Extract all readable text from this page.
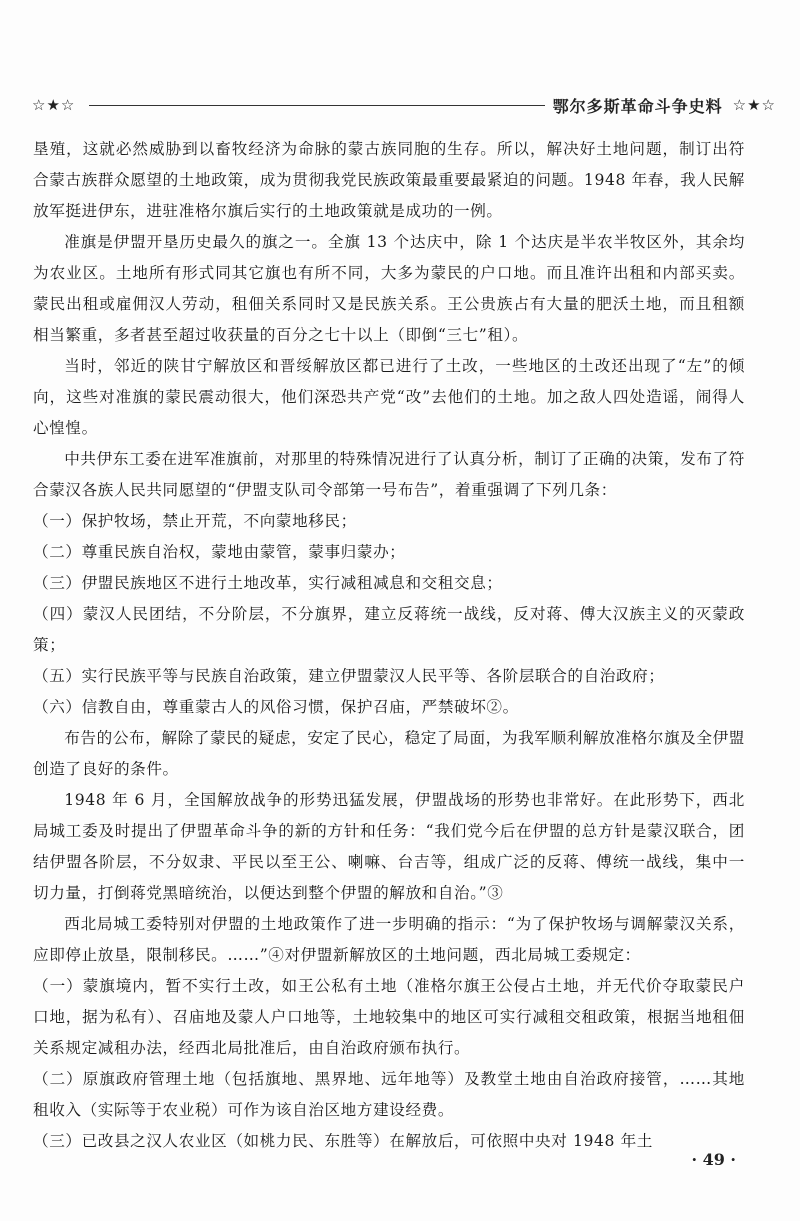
☆★☆	鄂尔多斯革命斗争史料 ☆★☆

垦殖，这就必然威胁到以畜牧经济为命脉的蒙古族同胞的生存。所以，解决好土地问题，制订出符合蒙古族群众愿望的土地政策，成为贯彻我党民族政策最重要最紧迫的问题。1948 年春，我人民解放军挺进伊东，进驻准格尔旗后实行的土地政策就是成功的一例。

准旗是伊盟开垦历史最久的旗之一。全旗 13 个达庆中，除 1 个达庆是半农半牧区外，其余均为农业区。土地所有形式同其它旗也有所不同，大多为蒙民的户口地。而且准许出租和内部买卖。蒙民出租或雇佣汉人劳动，租佃关系同时又是民族关系。王公贵族占有大量的肥沃土地，而且租额相当繁重，多者甚至超过收获量的百分之七十以上（即倒“三七”租）。

当时，邻近的陕甘宁解放区和晋绥解放区都已进行了土改，一些地区的土改还出现了“左”的倾向，这些对准旗的蒙民震动很大，他们深恐共产党“改”去他们的土地。加之敌人四处造谣，闹得人心惶惶。

中共伊东工委在进军准旗前，对那里的特殊情况进行了认真分析，制订了正确的决策，发布了符合蒙汉各族人民共同愿望的“伊盟支队司令部第一号布告”，着重强调了下列几条：

（一）保护牧场，禁止开荒，不向蒙地移民；

（二）尊重民族自治权，蒙地由蒙管，蒙事归蒙办；

（三）伊盟民族地区不进行土地改革，实行减租减息和交租交息；

（四）蒙汉人民团结，不分阶层，不分旗界，建立反蒋统一战线，反对蒋、傅大汉族主义的灭蒙政策；

（五）实行民族平等与民族自治政策，建立伊盟蒙汉人民平等、各阶层联合的自治政府；

（六）信教自由，尊重蒙古人的风俗习惯，保护召庙，严禁破坏②。

布告的公布，解除了蒙民的疑虑，安定了民心，稳定了局面，为我军顺利解放准格尔旗及全伊盟创造了良好的条件。

1948 年 6 月，全国解放战争的形势迅猛发展，伊盟战场的形势也非常好。在此形势下，西北局城工委及时提出了伊盟革命斗争的新的方针和任务：“我们党今后在伊盟的总方针是蒙汉联合，团结伊盟各阶层，不分奴隶、平民以至王公、喇嘛、台吉等，组成广泛的反蒋、傅统一战线，集中一切力量，打倒蒋党黑暗统治，以便达到整个伊盟的解放和自治。”③

西北局城工委特别对伊盟的土地政策作了进一步明确的指示：“为了保护牧场与调解蒙汉关系，应即停止放垦，限制移民。……”④对伊盟新解放区的土地问题，西北局城工委规定：

（一）蒙旗境内，暂不实行土改，如王公私有土地（准格尔旗王公侵占土地，并无代价夺取蒙民户口地，据为私有）、召庙地及蒙人户口地等，土地较集中的地区可实行减租交租政策，根据当地租佃关系规定减租办法，经西北局批准后，由自治政府颁布执行。

（二）原旗政府管理土地（包括旗地、黑界地、远年地等）及教堂土地由自治政府接管，……其地租收入（实际等于农业税）可作为该自治区地方建设经费。

（三）已改县之汉人农业区（如桃力民、东胜等）在解放后，可依照中央对 1948 年土

· 49 ·
